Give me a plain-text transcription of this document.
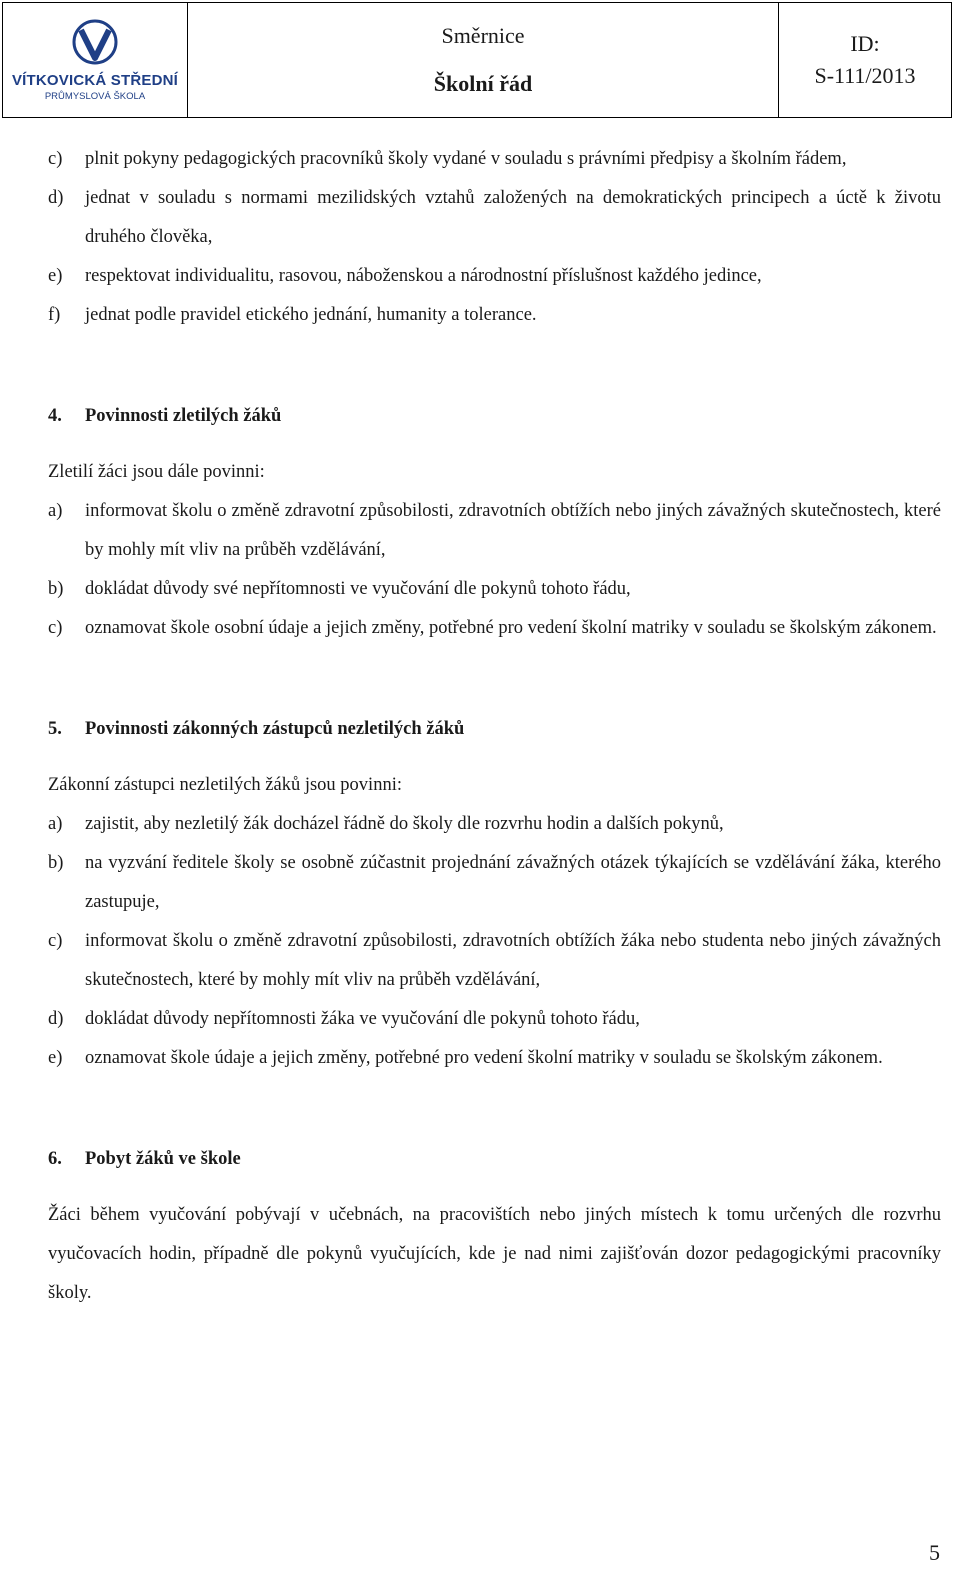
VÍTKOVICKÁ STŘEDNÍ
PRŮMYSLOVÁ ŠKOLA
Směrnice
Školní řád
ID:
S-111/2013
c)	plnit pokyny pedagogických pracovníků školy vydané v souladu s právními předpisy a školním řádem,
d)	jednat v souladu s normami mezilidských vztahů založených na demokratických principech a úctě k životu druhého člověka,
e)	respektovat individualitu, rasovou, náboženskou a národnostní příslušnost každého jedince,
f)	jednat podle pravidel etického jednání, humanity a tolerance.
4.	Povinnosti zletilých žáků
Zletilí žáci jsou dále povinni:
a)	informovat školu o změně zdravotní způsobilosti, zdravotních obtížích nebo jiných závažných skutečnostech, které by mohly mít vliv na průběh vzdělávání,
b)	dokládat důvody své nepřítomnosti ve vyučování dle pokynů tohoto řádu,
c)	oznamovat škole osobní údaje a jejich změny, potřebné pro vedení školní matriky v souladu se školským zákonem.
5.	Povinnosti zákonných zástupců nezletilých žáků
Zákonní zástupci nezletilých žáků jsou povinni:
a)	zajistit, aby nezletilý žák docházel řádně do školy dle rozvrhu hodin a dalších pokynů,
b)	na vyzvání ředitele školy se osobně zúčastnit projednání závažných otázek týkajících se vzdělávání žáka, kterého zastupuje,
c)	informovat školu o změně zdravotní způsobilosti, zdravotních obtížích žáka nebo studenta nebo jiných závažných skutečnostech, které by mohly mít vliv na průběh vzdělávání,
d)	dokládat důvody nepřítomnosti žáka ve vyučování dle pokynů tohoto řádu,
e)	oznamovat škole údaje a jejich změny, potřebné pro vedení školní matriky v souladu se školským zákonem.
6.	Pobyt žáků ve škole
Žáci během vyučování pobývají v učebnách, na pracovištích nebo jiných místech k tomu určených dle rozvrhu vyučovacích hodin, případně dle pokynů vyučujících, kde je nad nimi zajišťován dozor pedagogickými pracovníky školy.
5
